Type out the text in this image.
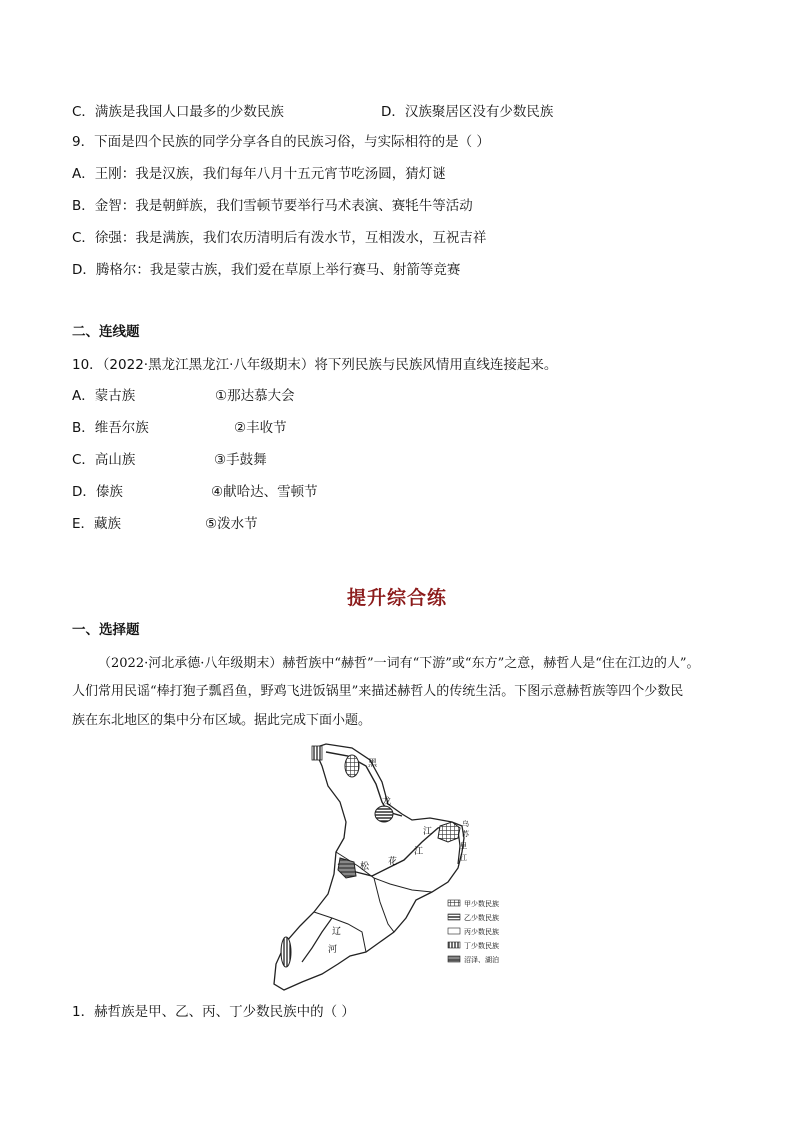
C．满族是我国人口最多的少数民族	D．汉族聚居区没有少数民族
9．下面是四个民族的同学分享各自的民族习俗，与实际相符的是（ ）
A．王刚：我是汉族，我们每年八月十五元宵节吃汤圆，猜灯谜
B．金智：我是朝鲜族，我们雪顿节要举行马术表演、赛牦牛等活动
C．徐强：我是满族，我们农历清明后有泼水节，互相泼水，互祝吉祥
D．腾格尔：我是蒙古族，我们爱在草原上举行赛马、射箭等竞赛
二、连线题
10．（2022·黑龙江黑龙江·八年级期末）将下列民族与民族风情用直线连接起来。
A．蒙古族	①那达慕大会
B．维吾尔族	②丰收节
C．高山族	③手鼓舞
D．傣族	④献哈达、雪顿节
E．藏族	⑤泼水节
提升综合练
一、选择题
（2022·河北承德·八年级期末）赫哲族中“赫哲”一词有“下游”或“东方”之意，赫哲人是“住在江边的人”。
人们常用民谣“棒打狍子瓢舀鱼，野鸡飞进饭锅里”来描述赫哲人的传统生活。下图示意赫哲族等四个少数民
族在东北地区的集中分布区域。据此完成下面小题。
黑
龙
江
乌
苏
里
江
松 花
江
辽
河
甲少数民族
乙少数民族
丙少数民族
丁少数民族
沼泽、湖泊
1．赫哲族是甲、乙、丙、丁少数民族中的（ ）
